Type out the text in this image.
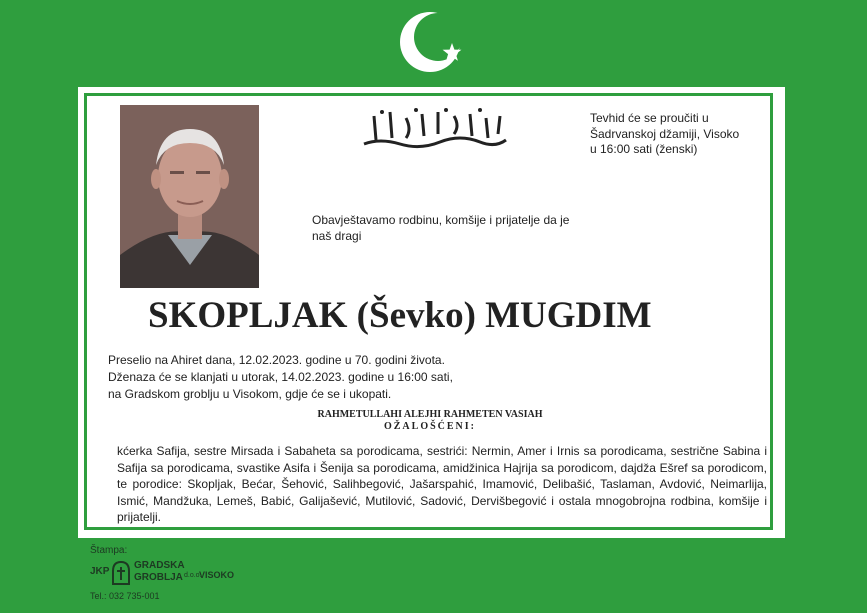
Tevhid će se proučiti u
Šadrvanskoj džamiji, Visoko
u 16:00 sati (ženski)
Obavještavamo rodbinu, komšije i prijatelje da je
naš dragi
SKOPLJAK (Ševko) MUGDIM
Preselio na Ahiret dana, 12.02.2023. godine u 70. godini života.
Dženaza će se klanjati u utorak, 14.02.2023. godine u 16:00 sati,
na Gradskom groblju u Visokom, gdje će se i ukopati.
RAHMETULLAHI ALEJHI RAHMETEN VASIAH
OŽALOŠĆENI:
kćerka Safija, sestre Mirsada i Sabaheta sa porodicama, sestrići: Nermin, Amer i Irnis sa porodicama, sestrične Sabina i Safija sa porodicama, svastike Asifa i Šenija sa porodicama, amidžinica Hajrija sa porodicom, dajdža Ešref sa porodicom, te porodice: Skopljak, Bećar, Šehović, Salihbegović, Jašarspahić, Imamović, Delibašić, Taslaman, Avdović, Neimarlija, Ismić, Mandžuka, Lemeš, Babić, Galijašević, Mutilović, Sadović, Dervišbegović i ostala mnogobrojna rodbina, komšije i prijatelji.
Štampa:
JKP
GRADSKA
GROBLJA d.o.o.
VISOKO
Tel.: 032 735-001
